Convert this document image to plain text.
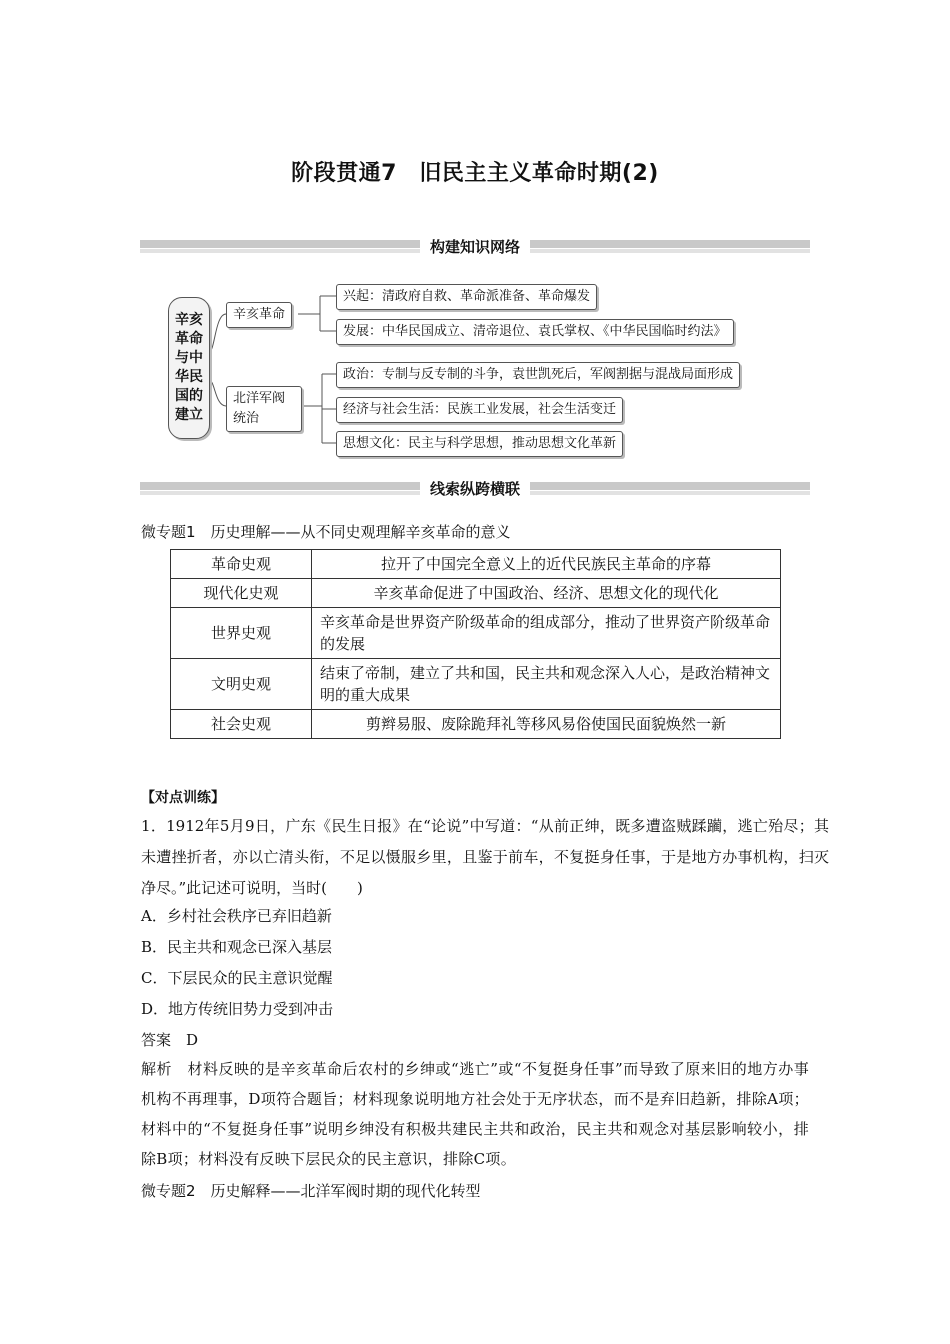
阶段贯通7　旧民主主义革命时期(2)
构建知识网络
辛亥革命与中华民国的建立
辛亥革命
北洋军阀统治
兴起：清政府自救、革命派准备、革命爆发
发展：中华民国成立、清帝退位、袁氏掌权、《中华民国临时约法》
政治：专制与反专制的斗争，袁世凯死后，军阀割据与混战局面形成
经济与社会生活：民族工业发展，社会生活变迁
思想文化：民主与科学思想，推动思想文化革新
线索纵跨横联
微专题1　历史理解——从不同史观理解辛亥革命的意义
革命史观	拉开了中国完全意义上的近代民族民主革命的序幕
现代化史观	辛亥革命促进了中国政治、经济、思想文化的现代化
世界史观	辛亥革命是世界资产阶级革命的组成部分，推动了世界资产阶级革命的发展
文明史观	结束了帝制，建立了共和国，民主共和观念深入人心，是政治精神文明的重大成果
社会史观	剪辫易服、废除跪拜礼等移风易俗使国民面貌焕然一新
【对点训练】
1．1912年5月9日，广东《民生日报》在“论说”中写道：“从前正绅，既多遭盗贼蹂躏，逃亡殆尽；其未遭挫折者，亦以亡清头衔，不足以慑服乡里，且鉴于前车，不复挺身任事，于是地方办事机构，扫灭净尽。”此记述可说明，当时(　　)
A．乡村社会秩序已弃旧趋新
B．民主共和观念已深入基层
C．下层民众的民主意识觉醒
D．地方传统旧势力受到冲击
答案　 D
解析　 材料反映的是辛亥革命后农村的乡绅或“逃亡”或“不复挺身任事”而导致了原来旧的地方办事机构不再理事，D项符合题旨；材料现象说明地方社会处于无序状态，而不是弃旧趋新，排除A项；材料中的“不复挺身任事”说明乡绅没有积极共建民主共和政治，民主共和观念对基层影响较小，排除B项；材料没有反映下层民众的民主意识，排除C项。
微专题2　历史解释——北洋军阀时期的现代化转型
